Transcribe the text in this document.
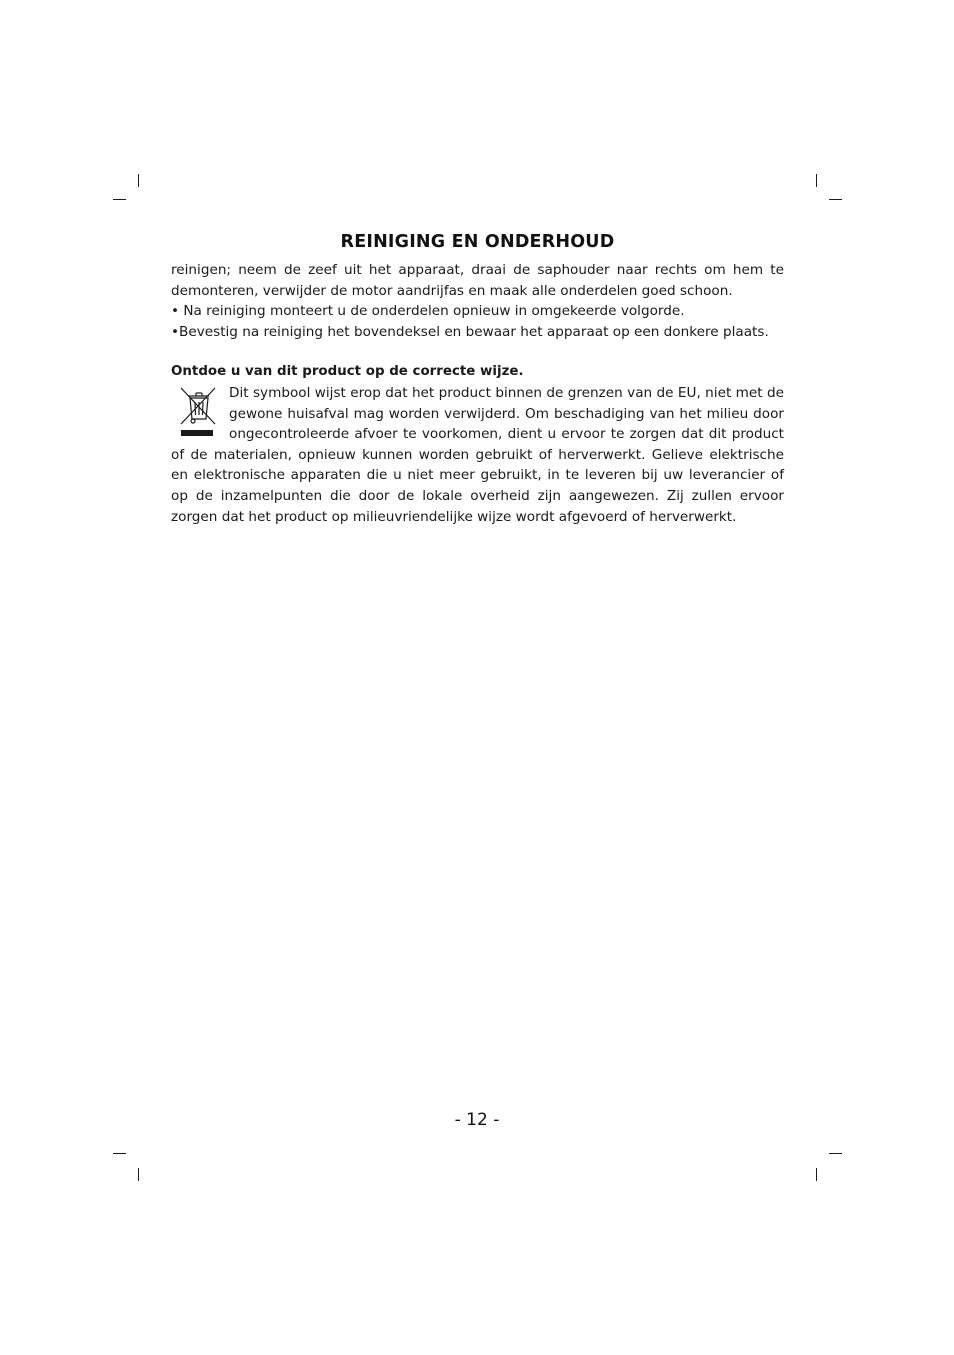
REINIGING EN ONDERHOUD

reinigen; neem de zeef uit het apparaat, draai de saphouder naar rechts om hem te demonteren, verwijder de motor aandrijfas en maak alle onderdelen goed schoon.

• Na reiniging monteert u de onderdelen opnieuw in omgekeerde volgorde.

•Bevestig na reiniging het bovendeksel en bewaar het apparaat op een donkere plaats.

Ontdoe u van dit product op de correcte wijze.

Dit symbool wijst erop dat het product binnen de grenzen van de EU, niet met de gewone huisafval mag worden verwijderd. Om beschadiging van het milieu door ongecontroleerde afvoer te voorkomen, dient u ervoor te zorgen dat dit product of de materialen, opnieuw kunnen worden gebruikt of herverwerkt. Gelieve elektrische en elektronische apparaten die u niet meer gebruikt, in te leveren bij uw leverancier of op de inzamelpunten die door de lokale overheid zijn aangewezen. Zij zullen ervoor zorgen dat het product op milieuvriendelijke wijze wordt afgevoerd of herverwerkt.

- 12 -
